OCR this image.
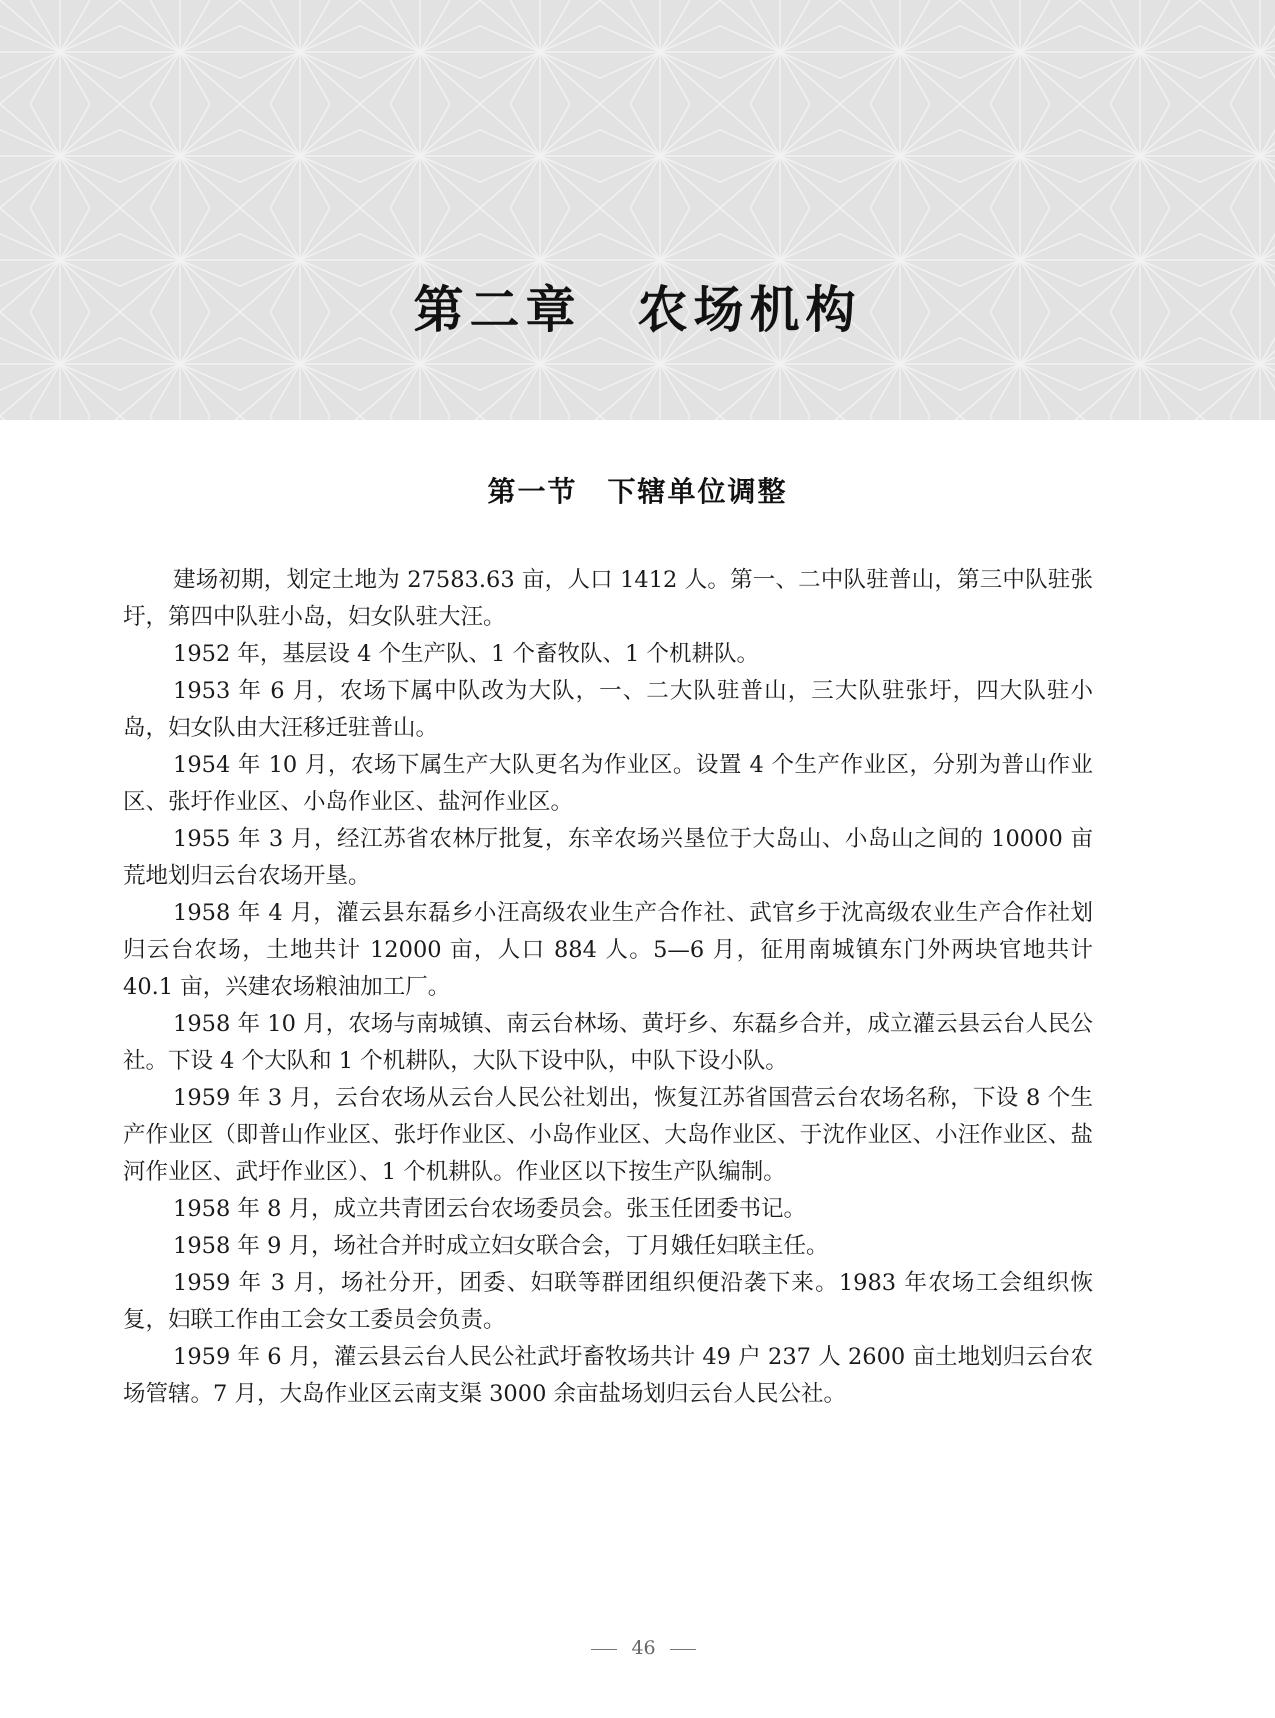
第二章　农场机构
第一节　下辖单位调整

建场初期，划定土地为 27583.63 亩，人口 1412 人。第一、二中队驻普山，第三中队驻张圩，第四中队驻小岛，妇女队驻大汪。

1952 年，基层设 4 个生产队、1 个畜牧队、1 个机耕队。

1953 年 6 月，农场下属中队改为大队，一、二大队驻普山，三大队驻张圩，四大队驻小岛，妇女队由大汪移迁驻普山。

1954 年 10 月，农场下属生产大队更名为作业区。设置 4 个生产作业区，分别为普山作业区、张圩作业区、小岛作业区、盐河作业区。

1955 年 3 月，经江苏省农林厅批复，东辛农场兴垦位于大岛山、小岛山之间的 10000 亩荒地划归云台农场开垦。

1958 年 4 月，灌云县东磊乡小汪高级农业生产合作社、武官乡于沈高级农业生产合作社划归云台农场，土地共计 12000 亩，人口 884 人。5—6 月，征用南城镇东门外两块官地共计 40.1 亩，兴建农场粮油加工厂。

1958 年 10 月，农场与南城镇、南云台林场、黄圩乡、东磊乡合并，成立灌云县云台人民公社。下设 4 个大队和 1 个机耕队，大队下设中队，中队下设小队。

1959 年 3 月，云台农场从云台人民公社划出，恢复江苏省国营云台农场名称，下设 8 个生产作业区（即普山作业区、张圩作业区、小岛作业区、大岛作业区、于沈作业区、小汪作业区、盐河作业区、武圩作业区）、1 个机耕队。作业区以下按生产队编制。

1958 年 8 月，成立共青团云台农场委员会。张玉任团委书记。

1958 年 9 月，场社合并时成立妇女联合会，丁月娥任妇联主任。

1959 年 3 月，场社分开，团委、妇联等群团组织便沿袭下来。1983 年农场工会组织恢复，妇联工作由工会女工委员会负责。

1959 年 6 月，灌云县云台人民公社武圩畜牧场共计 49 户 237 人 2600 亩土地划归云台农场管辖。7 月，大岛作业区云南支渠 3000 余亩盐场划归云台人民公社。

46
